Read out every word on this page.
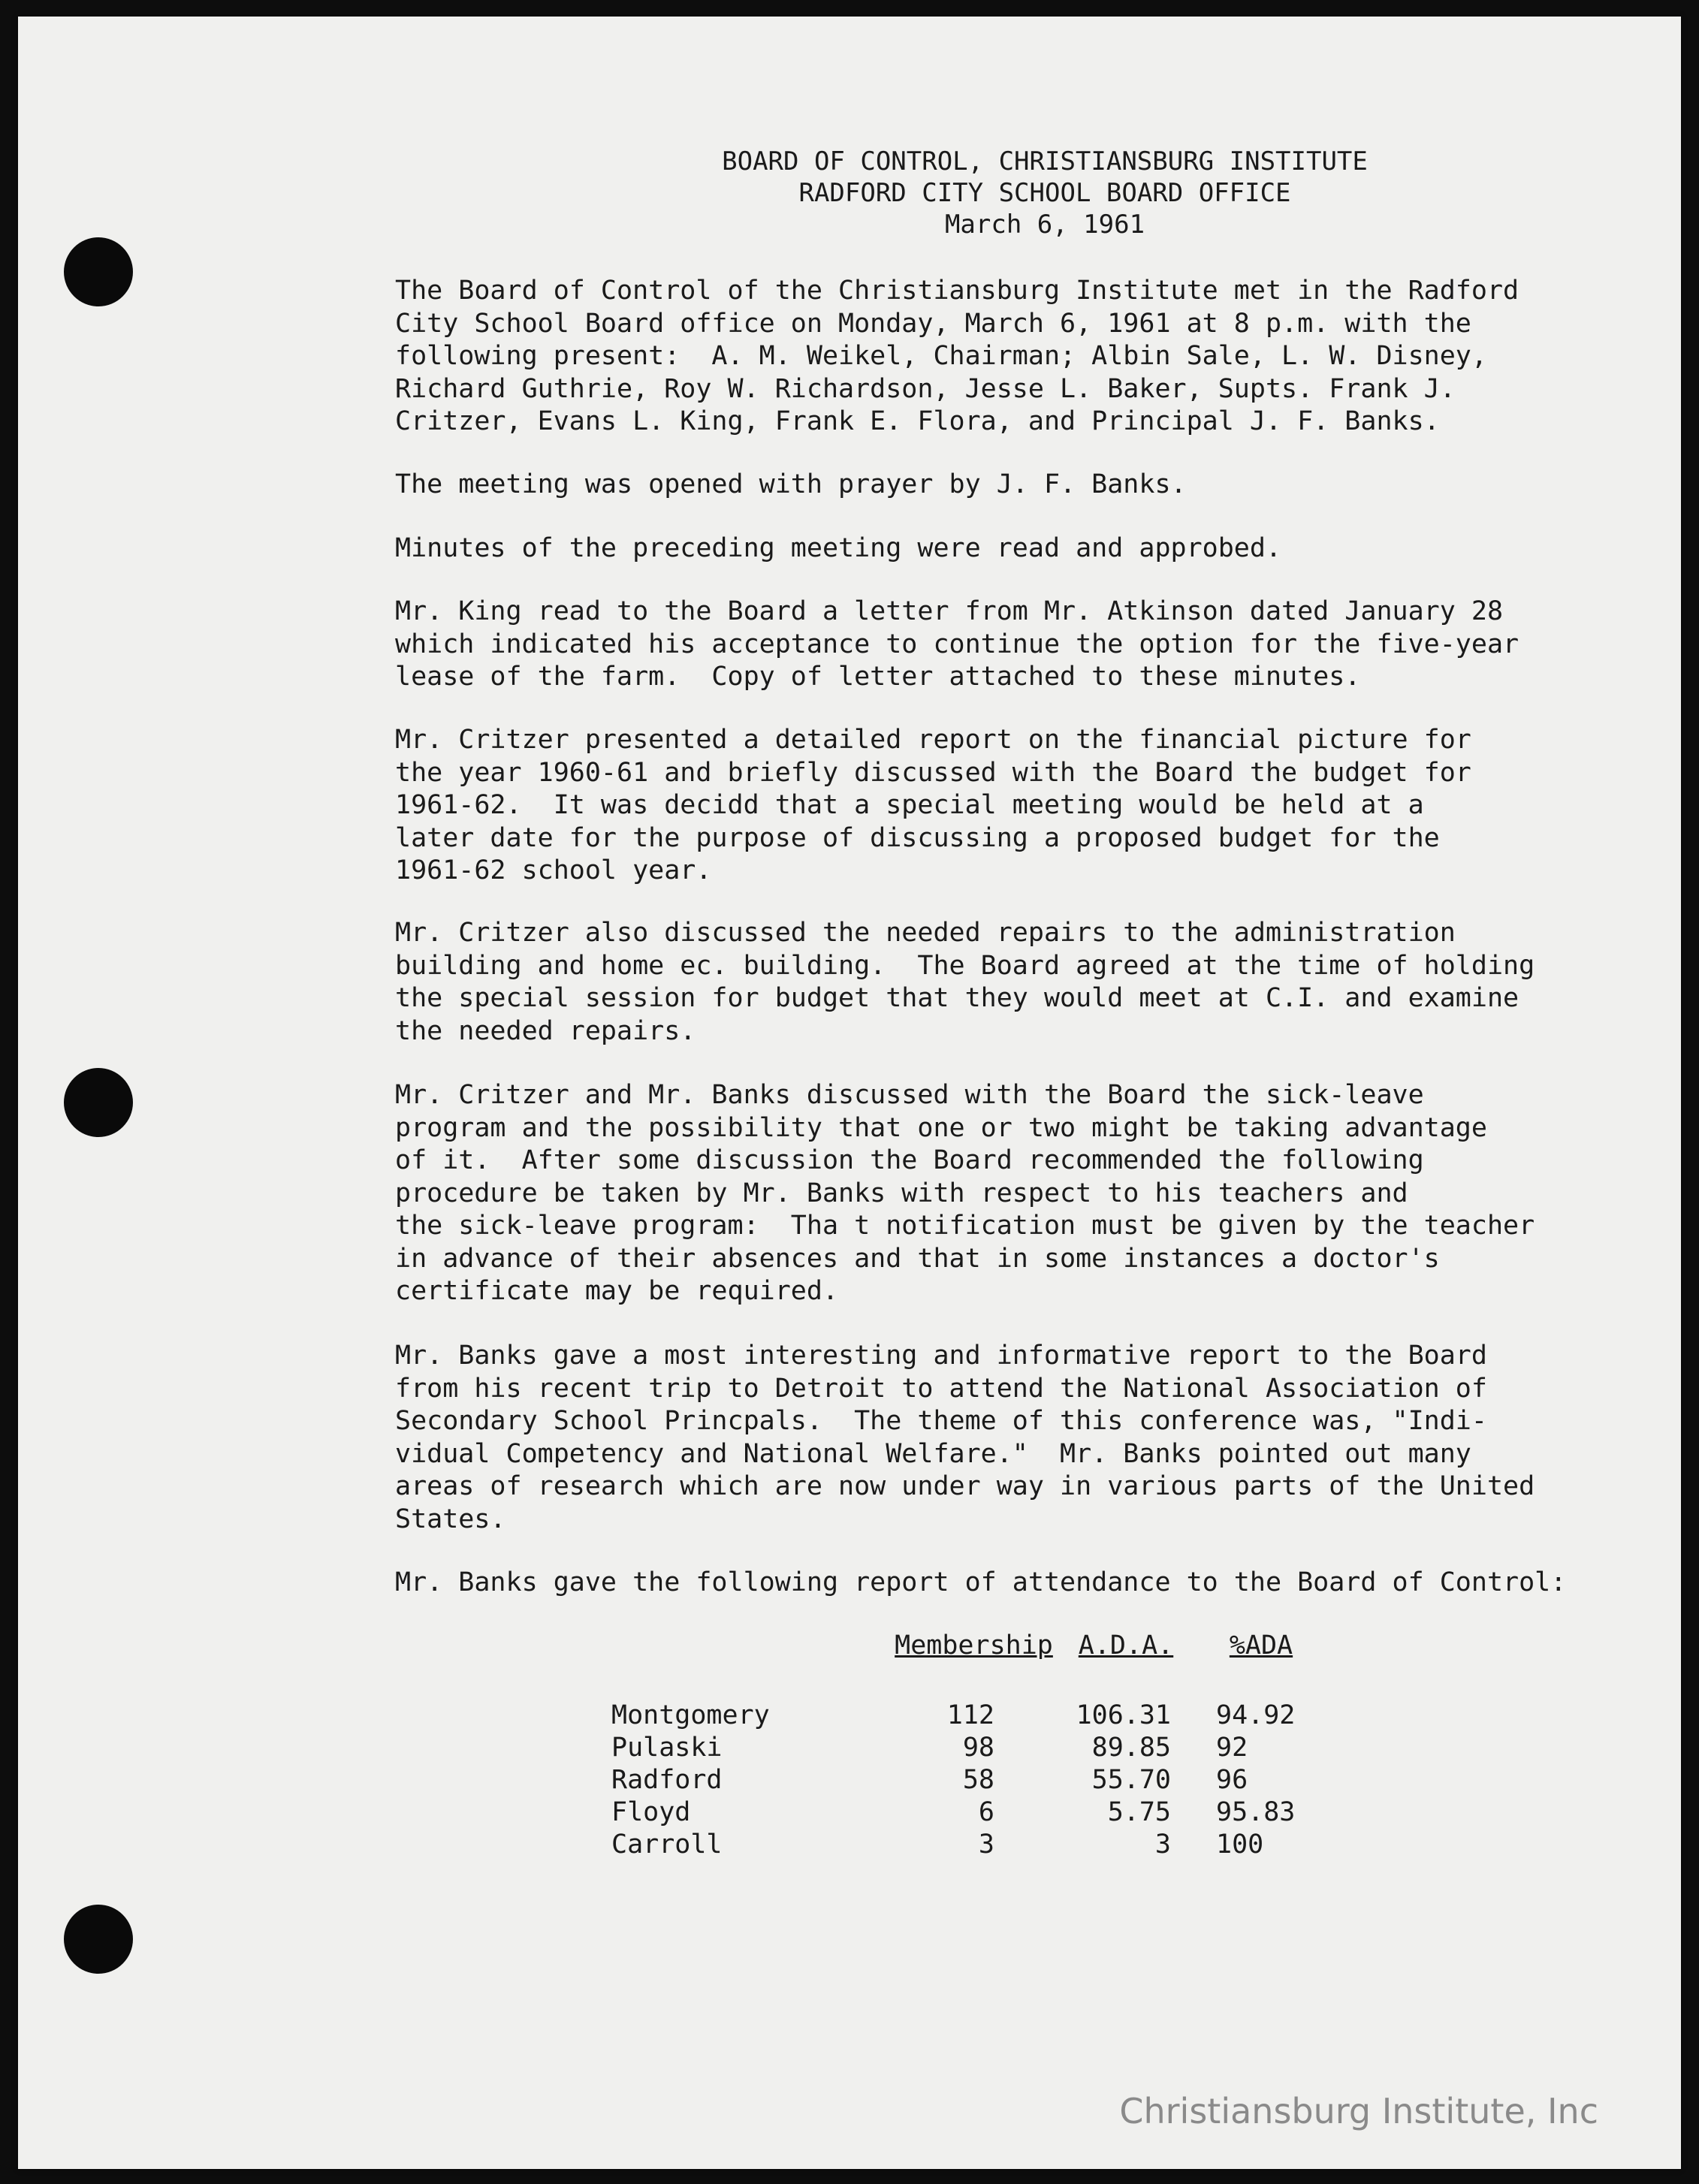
BOARD OF CONTROL, CHRISTIANSBURG INSTITUTE
RADFORD CITY SCHOOL BOARD OFFICE
March 6, 1961
The Board of Control of the Christiansburg Institute met in the Radford
City School Board office on Monday, March 6, 1961 at 8 p.m. with the
following present:  A. M. Weikel, Chairman; Albin Sale, L. W. Disney,
Richard Guthrie, Roy W. Richardson, Jesse L. Baker, Supts. Frank J.
Critzer, Evans L. King, Frank E. Flora, and Principal J. F. Banks.
The meeting was opened with prayer by J. F. Banks.
Minutes of the preceding meeting were read and approbed.
Mr. King read to the Board a letter from Mr. Atkinson dated January 28
which indicated his acceptance to continue the option for the five-year
lease of the farm.  Copy of letter attached to these minutes.
Mr. Critzer presented a detailed report on the financial picture for
the year 1960-61 and briefly discussed with the Board the budget for
1961-62.  It was decidd that a special meeting would be held at a
later date for the purpose of discussing a proposed budget for the
1961-62 school year.
Mr. Critzer also discussed the needed repairs to the administration
building and home ec. building.  The Board agreed at the time of holding
the special session for budget that they would meet at C.I. and examine
the needed repairs.
Mr. Critzer and Mr. Banks discussed with the Board the sick-leave
program and the possibility that one or two might be taking advantage
of it.  After some discussion the Board recommended the following
procedure be taken by Mr. Banks with respect to his teachers and
the sick-leave program:  Tha t notification must be given by the teacher
in advance of their absences and that in some instances a doctor's
certificate may be required.
Mr. Banks gave a most interesting and informative report to the Board
from his recent trip to Detroit to attend the National Association of
Secondary School Princpals.  The theme of this conference was, "Indi-
vidual Competency and National Welfare."  Mr. Banks pointed out many
areas of research which are now under way in various parts of the United
States.
Mr. Banks gave the following report of attendance to the Board of Control:
	Membership	A.D.A.	%ADA
Montgomery	112	106.31	94.92
Pulaski	98	89.85	92
Radford	58	55.70	96
Floyd	6	5.75	95.83
Carroll	3	3	100
Christiansburg Institute, Inc
